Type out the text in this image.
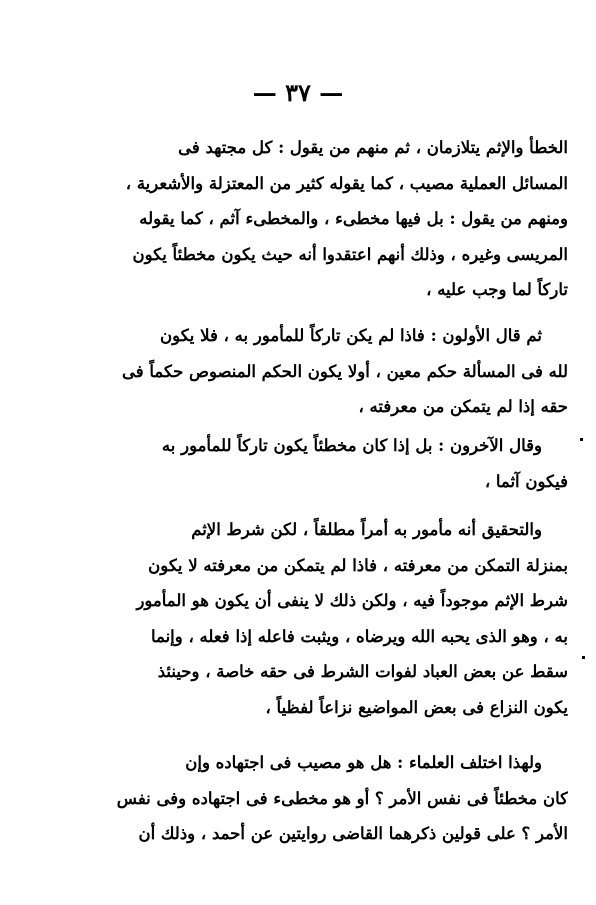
— ٣٧ —
الخطأ والإثم يتلازمان ، ثم منهم من يقول : كل مجتهد فى
المسائل العملية مصيب ، كما يقوله كثير من المعتزلة والأشعرية ،
ومنهم من يقول : بل فيها مخطىء ، والمخطىء آثم ، كما يقوله
المريسى وغيره ، وذلك أنهم اعتقدوا أنه حيث يكون مخطئاً يكون
تاركاً لما وجب عليه ،
ثم قال الأولون : فاذا لم يكن تاركاً للمأمور به ، فلا يكون
لله فى المسألة حكم معين ، أولا يكون الحكم المنصوص حكماً فى
حقه إذا لم يتمكن من معرفته ،
وقال الآخرون : بل إذا كان مخطئاً يكون تاركاً للمأمور به
فيكون آثما ،
والتحقيق أنه مأمور به أمراً مطلقاً ، لكن شرط الإثم
بمنزلة التمكن من معرفته ، فاذا لم يتمكن من معرفته لا يكون
شرط الإثم موجوداً فيه ، ولكن ذلك لا ينفى أن يكون هو المأمور
به ، وهو الذى يحبه الله ويرضاه ، ويثبت فاعله إذا فعله ، وإنما
سقط عن بعض العباد لفوات الشرط فى حقه خاصة ، وحينئذ
يكون النزاع فى بعض المواضيع نزاعاً لفظياً ،
ولهذا اختلف العلماء : هل هو مصيب فى اجتهاده وإن
كان مخطئاً فى نفس الأمر ؟ أو هو مخطىء فى اجتهاده وفى نفس
الأمر ؟ على قولين ذكرهما القاضى روايتين عن أحمد ، وذلك أن
